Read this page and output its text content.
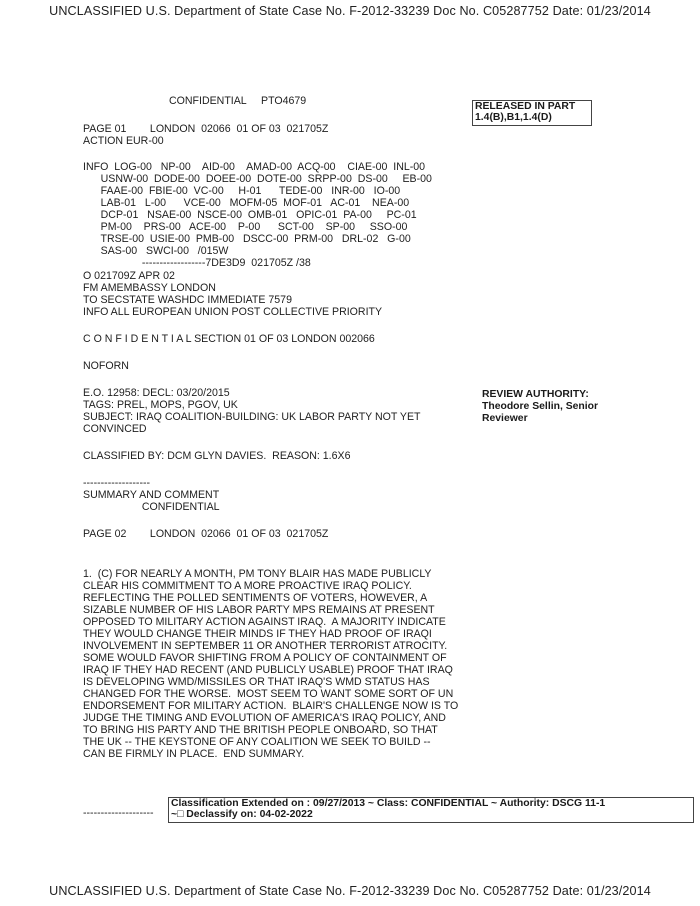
UNCLASSIFIED U.S. Department of State Case No. F-2012-33239 Doc No. C05287752 Date: 01/23/2014

CONFIDENTIAL     PTO4679

PAGE 01        LONDON  02066  01 OF 03  021705Z

ACTION EUR-00

INFO  LOG-00   NP-00    AID-00    AMAD-00  ACQ-00    CIAE-00  INL-00

USNW-00  DODE-00  DOEE-00  DOTE-00  SRPP-00  DS-00     EB-00

FAAE-00  FBIE-00  VC-00     H-01      TEDE-00   INR-00   IO-00

LAB-01   L-00      VCE-00   MOFM-05  MOF-01   AC-01    NEA-00

DCP-01   NSAE-00  NSCE-00  OMB-01   OPIC-01  PA-00     PC-01

PM-00    PRS-00   ACE-00    P-00      SCT-00    SP-00     SSO-00

TRSE-00  USIE-00  PMB-00   DSCC-00  PRM-00   DRL-02   G-00

SAS-00   SWCI-00   /015W

------------------7DE3D9  021705Z /38

O 021709Z APR 02

FM AMEMBASSY LONDON

TO SECSTATE WASHDC IMMEDIATE 7579

INFO ALL EUROPEAN UNION POST COLLECTIVE PRIORITY

C O N F I D E N T I A L SECTION 01 OF 03 LONDON 002066

NOFORN

E.O. 12958: DECL: 03/20/2015

TAGS: PREL, MOPS, PGOV, UK

SUBJECT: IRAQ COALITION-BUILDING: UK LABOR PARTY NOT YET

CONVINCED

CLASSIFIED BY: DCM GLYN DAVIES.  REASON: 1.6X6

-------------------

SUMMARY AND COMMENT

CONFIDENTIAL

PAGE 02        LONDON  02066  01 OF 03  021705Z

1.  (C) FOR NEARLY A MONTH, PM TONY BLAIR HAS MADE PUBLICLY

CLEAR HIS COMMITMENT TO A MORE PROACTIVE IRAQ POLICY.

REFLECTING THE POLLED SENTIMENTS OF VOTERS, HOWEVER, A

SIZABLE NUMBER OF HIS LABOR PARTY MPS REMAINS AT PRESENT

OPPOSED TO MILITARY ACTION AGAINST IRAQ.  A MAJORITY INDICATE

THEY WOULD CHANGE THEIR MINDS IF THEY HAD PROOF OF IRAQI

INVOLVEMENT IN SEPTEMBER 11 OR ANOTHER TERRORIST ATROCITY.

SOME WOULD FAVOR SHIFTING FROM A POLICY OF CONTAINMENT OF

IRAQ IF THEY HAD RECENT (AND PUBLICLY USABLE) PROOF THAT IRAQ

IS DEVELOPING WMD/MISSILES OR THAT IRAQ'S WMD STATUS HAS

CHANGED FOR THE WORSE.  MOST SEEM TO WANT SOME SORT OF UN

ENDORSEMENT FOR MILITARY ACTION.  BLAIR'S CHALLENGE NOW IS TO

JUDGE THE TIMING AND EVOLUTION OF AMERICA'S IRAQ POLICY, AND

TO BRING HIS PARTY AND THE BRITISH PEOPLE ONBOARD, SO THAT

THE UK -- THE KEYSTONE OF ANY COALITION WE SEEK TO BUILD --

CAN BE FIRMLY IN PLACE.  END SUMMARY.

--------------------

RELEASED IN PART
1.4(B),B1,1.4(D)
REVIEW AUTHORITY:
Theodore Sellin, Senior
Reviewer
Classification Extended on : 09/27/2013 ~ Class: CONFIDENTIAL ~ Authority: DSCG 11-1
~□ Declassify on: 04-02-2022
UNCLASSIFIED U.S. Department of State Case No. F-2012-33239 Doc No. C05287752 Date: 01/23/2014
